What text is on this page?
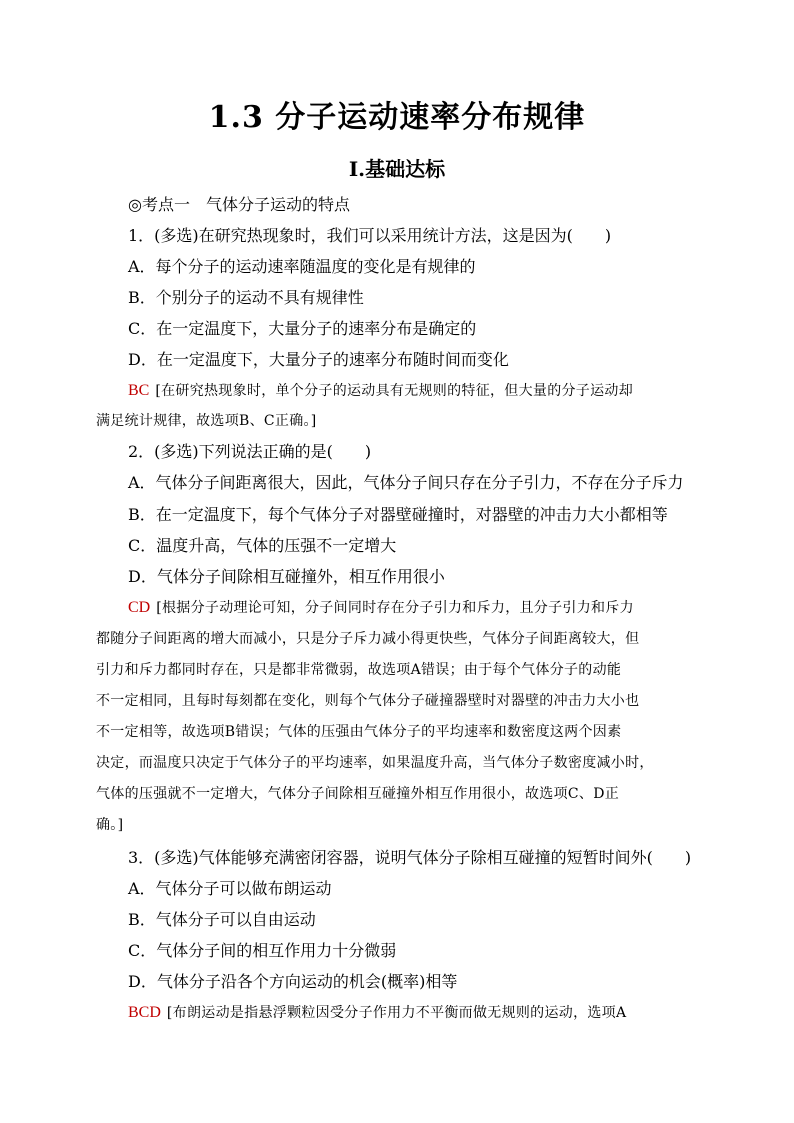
1.3 分子运动速率分布规律
Ⅰ.基础达标
◎考点一　气体分子运动的特点
1．(多选)在研究热现象时，我们可以采用统计方法，这是因为(　　)
A．每个分子的运动速率随温度的变化是有规律的
B．个别分子的运动不具有规律性
C．在一定温度下，大量分子的速率分布是确定的
D．在一定温度下，大量分子的速率分布随时间而变化
BC [在研究热现象时，单个分子的运动具有无规则的特征，但大量的分子运动却
满足统计规律，故选项B、C正确。]
2．(多选)下列说法正确的是(　　)
A．气体分子间距离很大，因此，气体分子间只存在分子引力，不存在分子斥力
B．在一定温度下，每个气体分子对器壁碰撞时，对器壁的冲击力大小都相等
C．温度升高，气体的压强不一定增大
D．气体分子间除相互碰撞外，相互作用很小
CD [根据分子动理论可知，分子间同时存在分子引力和斥力，且分子引力和斥力
都随分子间距离的增大而减小，只是分子斥力减小得更快些，气体分子间距离较大，但
引力和斥力都同时存在，只是都非常微弱，故选项A错误；由于每个气体分子的动能
不一定相同，且每时每刻都在变化，则每个气体分子碰撞器壁时对器壁的冲击力大小也
不一定相等，故选项B错误；气体的压强由气体分子的平均速率和数密度这两个因素
决定，而温度只决定于气体分子的平均速率，如果温度升高，当气体分子数密度减小时，
气体的压强就不一定增大，气体分子间除相互碰撞外相互作用很小，故选项C、D正
确。]
3．(多选)气体能够充满密闭容器，说明气体分子除相互碰撞的短暂时间外(　　)
A．气体分子可以做布朗运动
B．气体分子可以自由运动
C．气体分子间的相互作用力十分微弱
D．气体分子沿各个方向运动的机会(概率)相等
BCD [布朗运动是指悬浮颗粒因受分子作用力不平衡而做无规则的运动，选项A
